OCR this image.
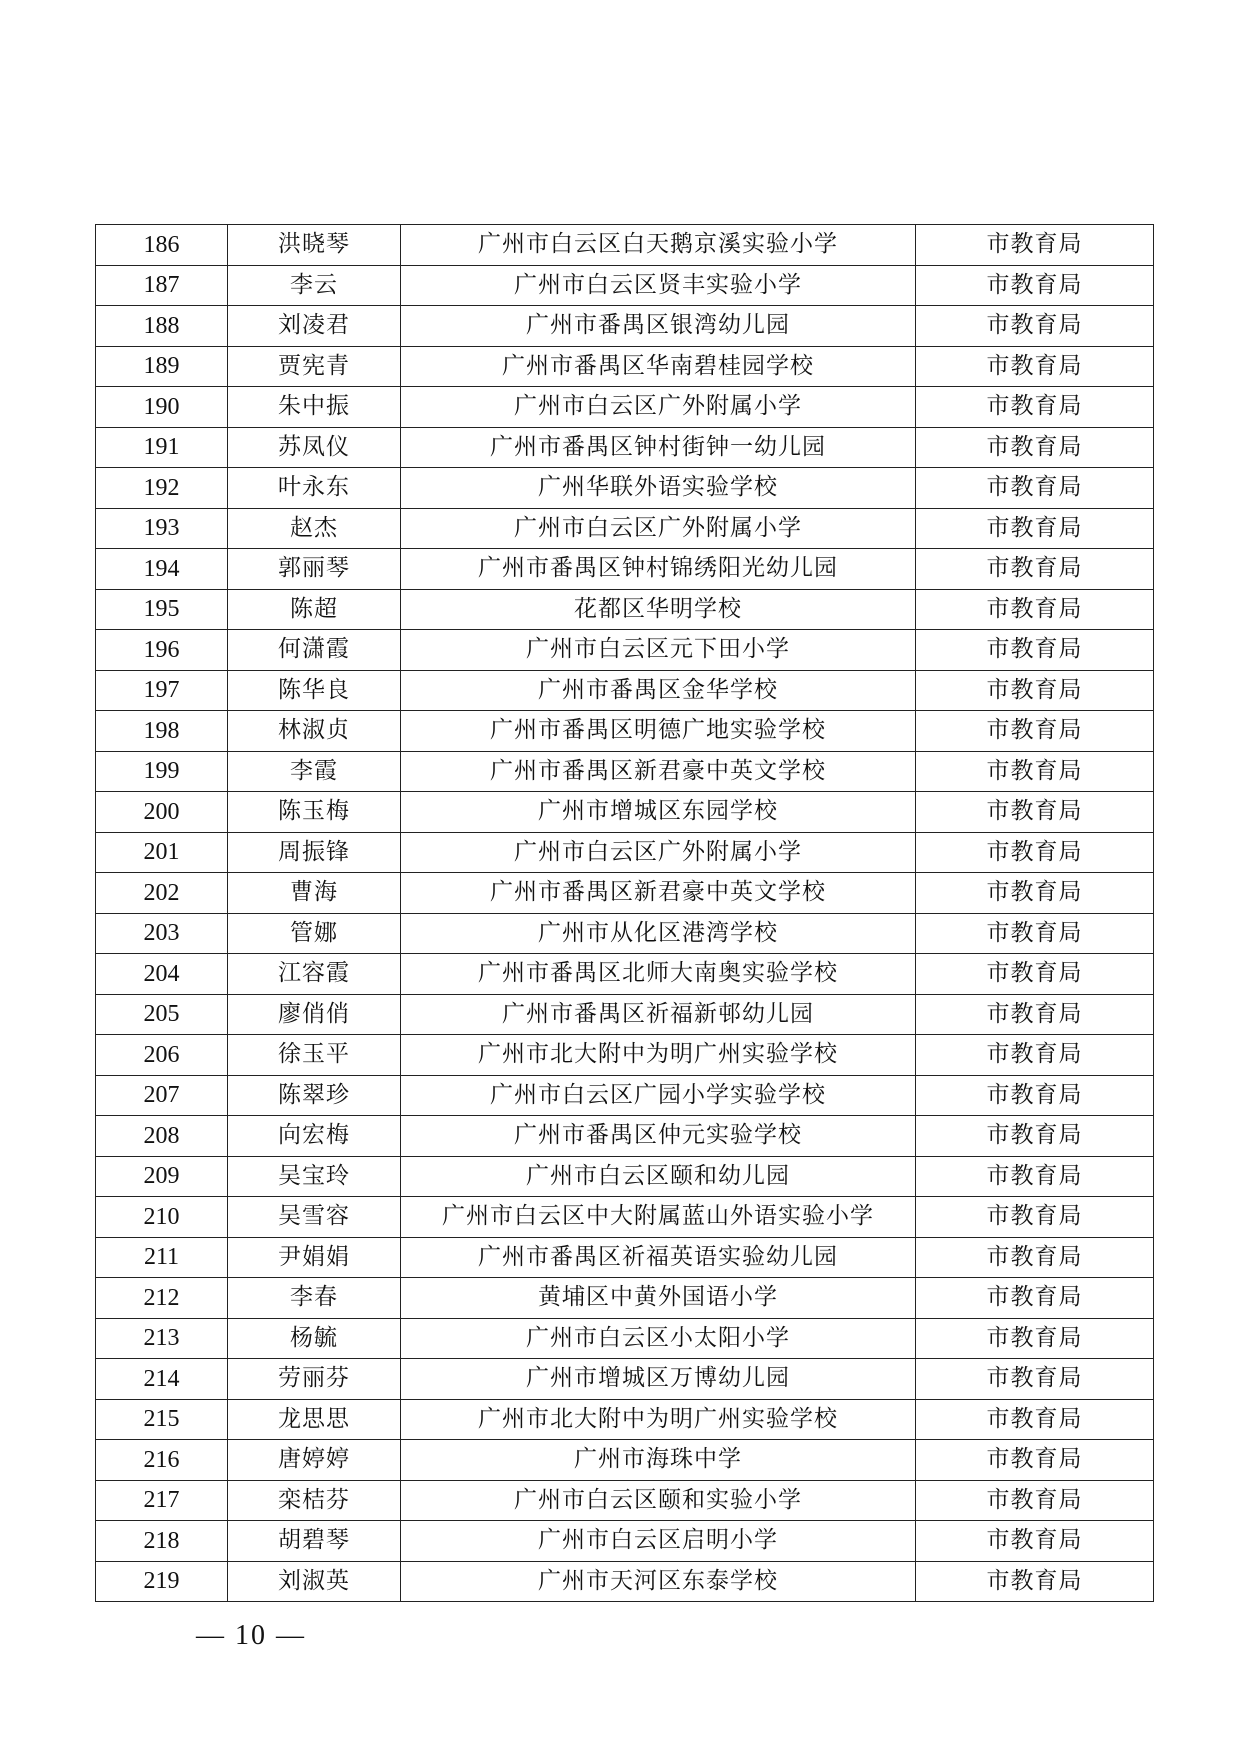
186	洪晓琴	广州市白云区白天鹅京溪实验小学	市教育局
187	李云	广州市白云区贤丰实验小学	市教育局
188	刘凌君	广州市番禺区银湾幼儿园	市教育局
189	贾宪青	广州市番禺区华南碧桂园学校	市教育局
190	朱中振	广州市白云区广外附属小学	市教育局
191	苏凤仪	广州市番禺区钟村街钟一幼儿园	市教育局
192	叶永东	广州华联外语实验学校	市教育局
193	赵杰	广州市白云区广外附属小学	市教育局
194	郭丽琴	广州市番禺区钟村锦绣阳光幼儿园	市教育局
195	陈超	花都区华明学校	市教育局
196	何潇霞	广州市白云区元下田小学	市教育局
197	陈华良	广州市番禺区金华学校	市教育局
198	林淑贞	广州市番禺区明德广地实验学校	市教育局
199	李霞	广州市番禺区新君豪中英文学校	市教育局
200	陈玉梅	广州市增城区东园学校	市教育局
201	周振锋	广州市白云区广外附属小学	市教育局
202	曹海	广州市番禺区新君豪中英文学校	市教育局
203	管娜	广州市从化区港湾学校	市教育局
204	江容霞	广州市番禺区北师大南奥实验学校	市教育局
205	廖俏俏	广州市番禺区祈福新邨幼儿园	市教育局
206	徐玉平	广州市北大附中为明广州实验学校	市教育局
207	陈翠珍	广州市白云区广园小学实验学校	市教育局
208	向宏梅	广州市番禺区仲元实验学校	市教育局
209	吴宝玲	广州市白云区颐和幼儿园	市教育局
210	吴雪容	广州市白云区中大附属蓝山外语实验小学	市教育局
211	尹娟娟	广州市番禺区祈福英语实验幼儿园	市教育局
212	李春	黄埔区中黄外国语小学	市教育局
213	杨毓	广州市白云区小太阳小学	市教育局
214	劳丽芬	广州市增城区万博幼儿园	市教育局
215	龙思思	广州市北大附中为明广州实验学校	市教育局
216	唐婷婷	广州市海珠中学	市教育局
217	栾桔芬	广州市白云区颐和实验小学	市教育局
218	胡碧琴	广州市白云区启明小学	市教育局
219	刘淑英	广州市天河区东泰学校	市教育局
— 10 —
